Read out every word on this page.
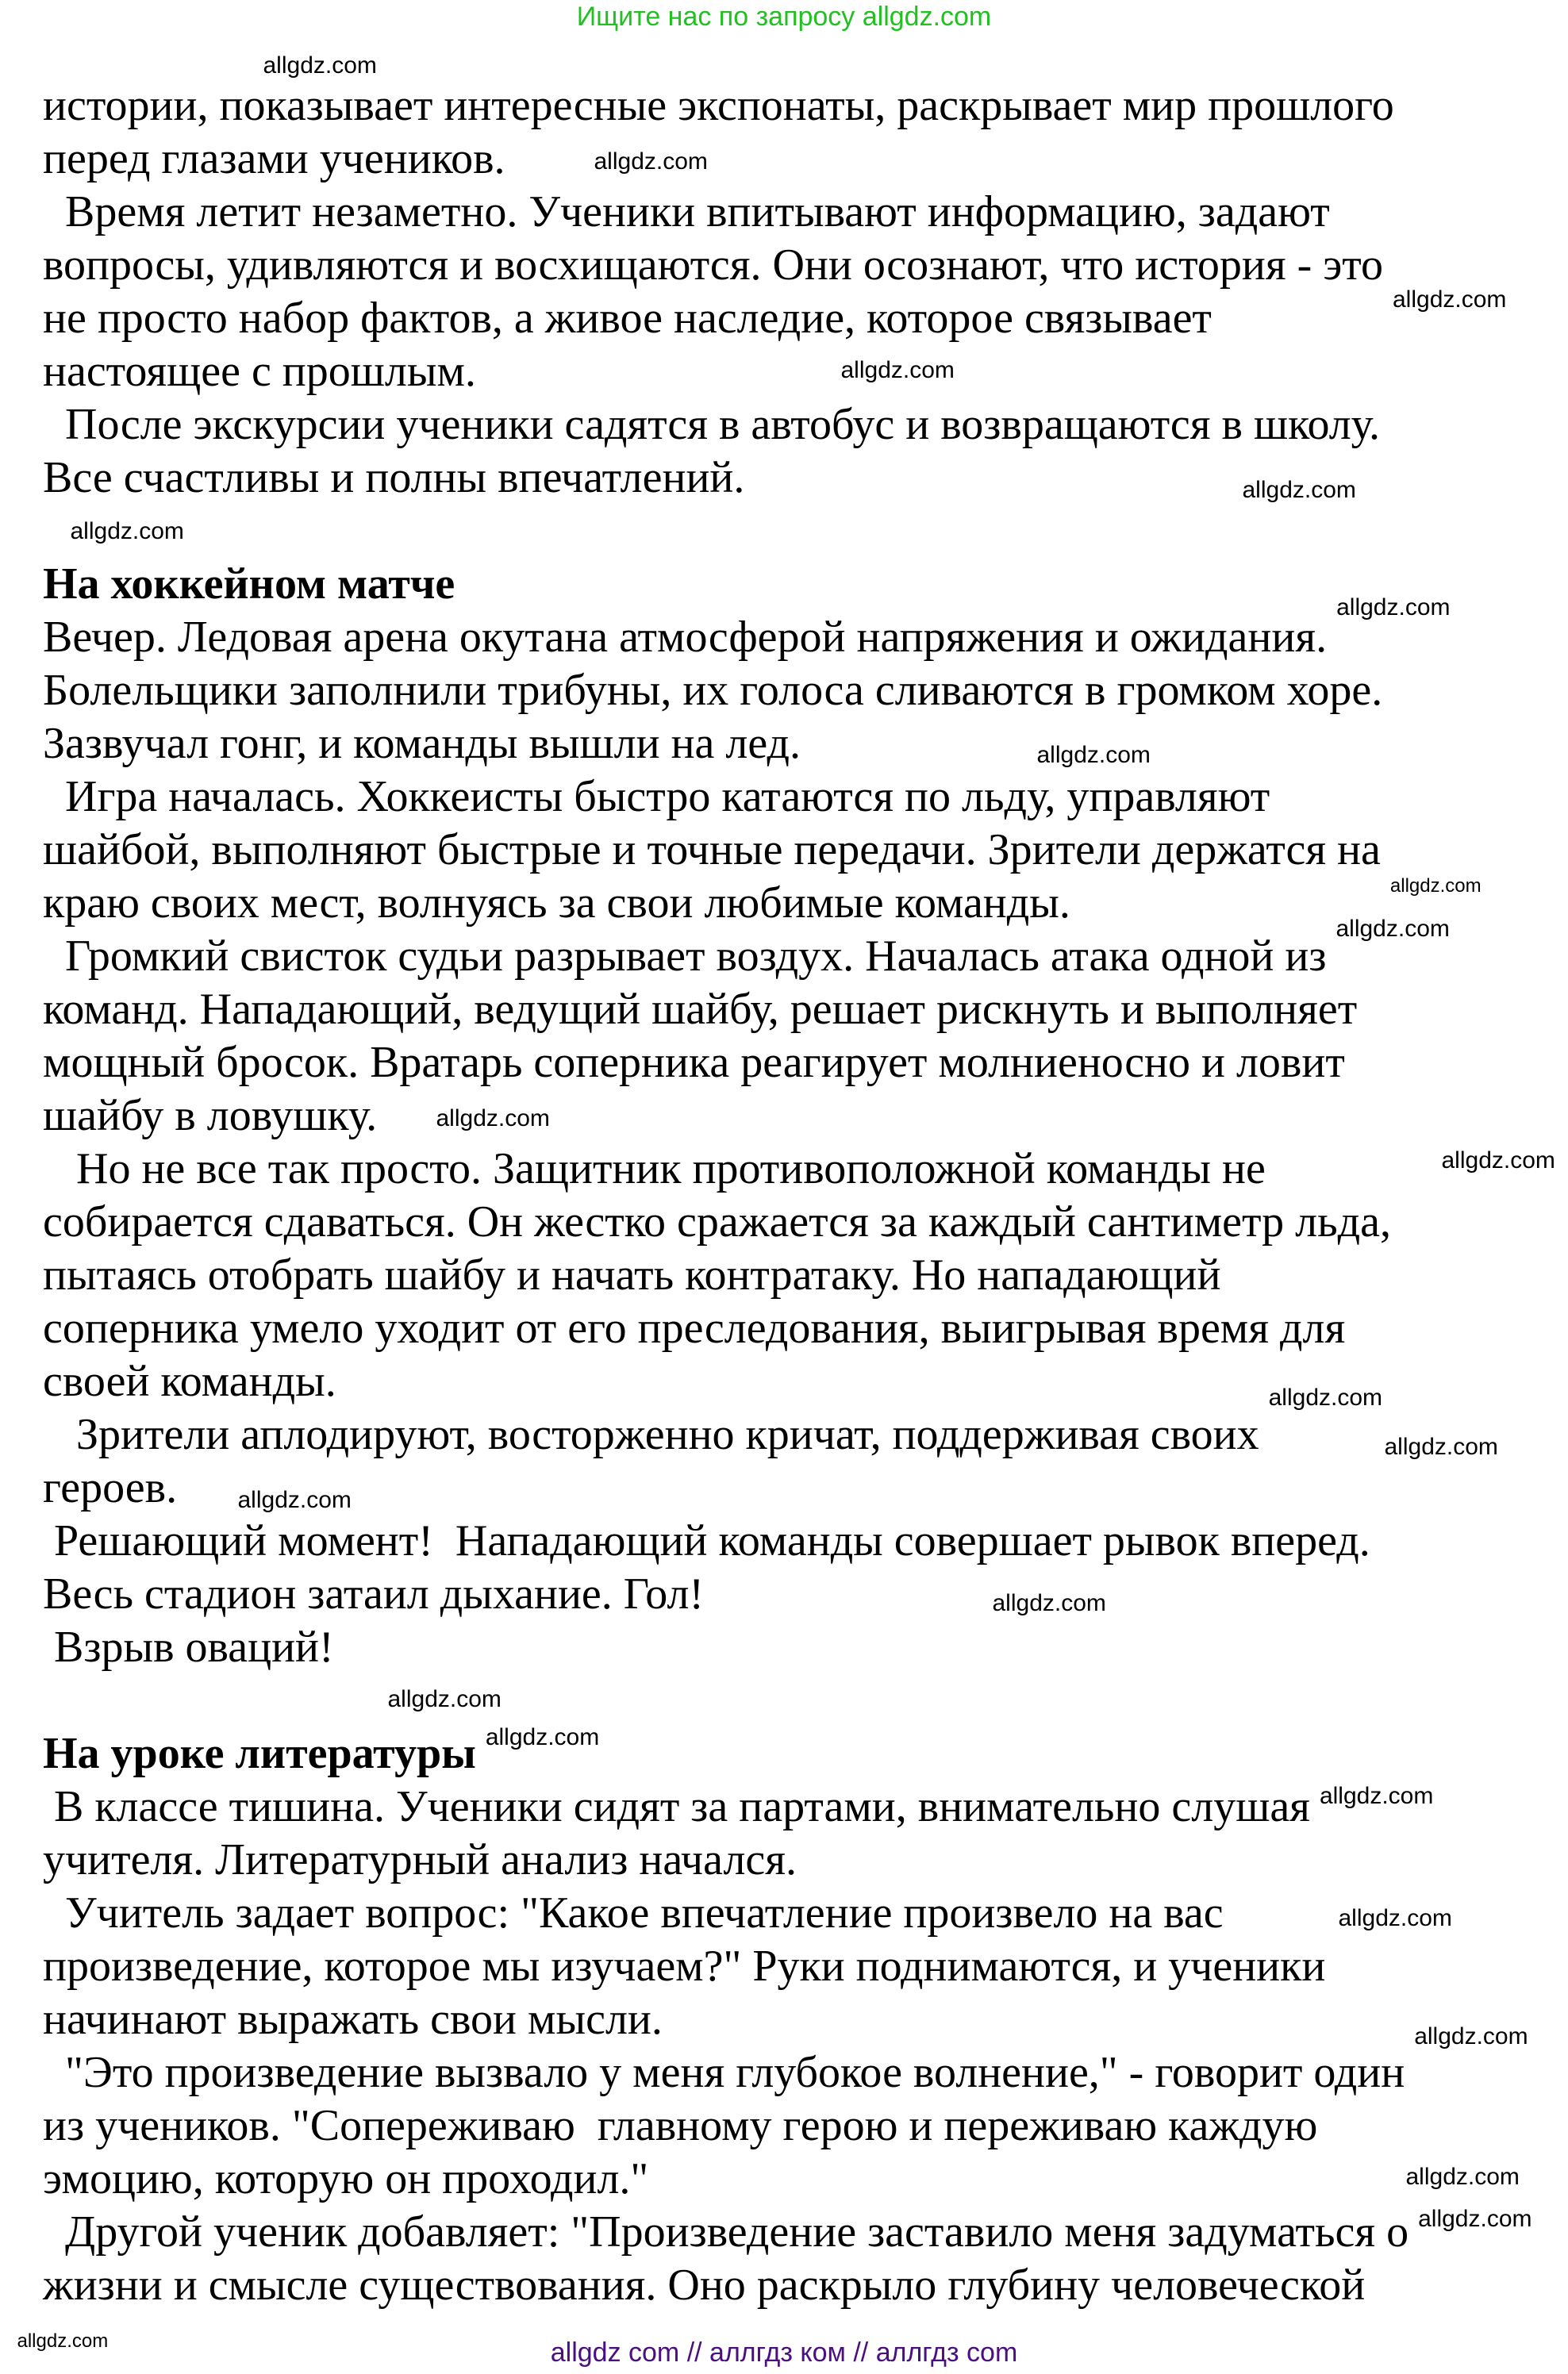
Ищите нас по запросу allgdz.com
истории, показывает интересные экспонаты, раскрывает мир прошлого
перед глазами учеников.
Время летит незаметно. Ученики впитывают информацию, задают
вопросы, удивляются и восхищаются. Они осознают, что история - это
не просто набор фактов, а живое наследие, которое связывает
настоящее с прошлым.
После экскурсии ученики садятся в автобус и возвращаются в школу.
Все счастливы и полны впечатлений.
На хоккейном матче
Вечер. Ледовая арена окутана атмосферой напряжения и ожидания.
Болельщики заполнили трибуны, их голоса сливаются в громком хоре.
Зазвучал гонг, и команды вышли на лед.
Игра началась. Хоккеисты быстро катаются по льду, управляют
шайбой, выполняют быстрые и точные передачи. Зрители держатся на
краю своих мест, волнуясь за свои любимые команды.
Громкий свисток судьи разрывает воздух. Началась атака одной из
команд. Нападающий, ведущий шайбу, решает рискнуть и выполняет
мощный бросок. Вратарь соперника реагирует молниеносно и ловит
шайбу в ловушку.
Но не все так просто. Защитник противоположной команды не
собирается сдаваться. Он жестко сражается за каждый сантиметр льда,
пытаясь отобрать шайбу и начать контратаку. Но нападающий
соперника умело уходит от его преследования, выигрывая время для
своей команды.
Зрители аплодируют, восторженно кричат, поддерживая своих
героев.
Решающий момент!  Нападающий команды совершает рывок вперед.
Весь стадион затаил дыхание. Гол!
Взрыв оваций!
На уроке литературы
В классе тишина. Ученики сидят за партами, внимательно слушая
учителя. Литературный анализ начался.
Учитель задает вопрос: "Какое впечатление произвело на вас
произведение, которое мы изучаем?" Руки поднимаются, и ученики
начинают выражать свои мысли.
"Это произведение вызвало у меня глубокое волнение," - говорит один
из учеников. "Сопереживаю  главному герою и переживаю каждую
эмоцию, которую он проходил."
Другой ученик добавляет: "Произведение заставило меня задуматься о
жизни и смысле существования. Оно раскрыло глубину человеческой
allgdz.com
allgdz.com
allgdz.com
allgdz.com
allgdz.com
allgdz.com
allgdz.com
allgdz.com
allgdz.com
allgdz.com
allgdz.com
allgdz.com
allgdz.com
allgdz.com
allgdz.com
allgdz.com
allgdz.com
allgdz.com
allgdz.com
allgdz.com
allgdz.com
allgdz.com
allgdz.com
allgdz.com	allgdz com // аллгдз ком // аллгдз com
